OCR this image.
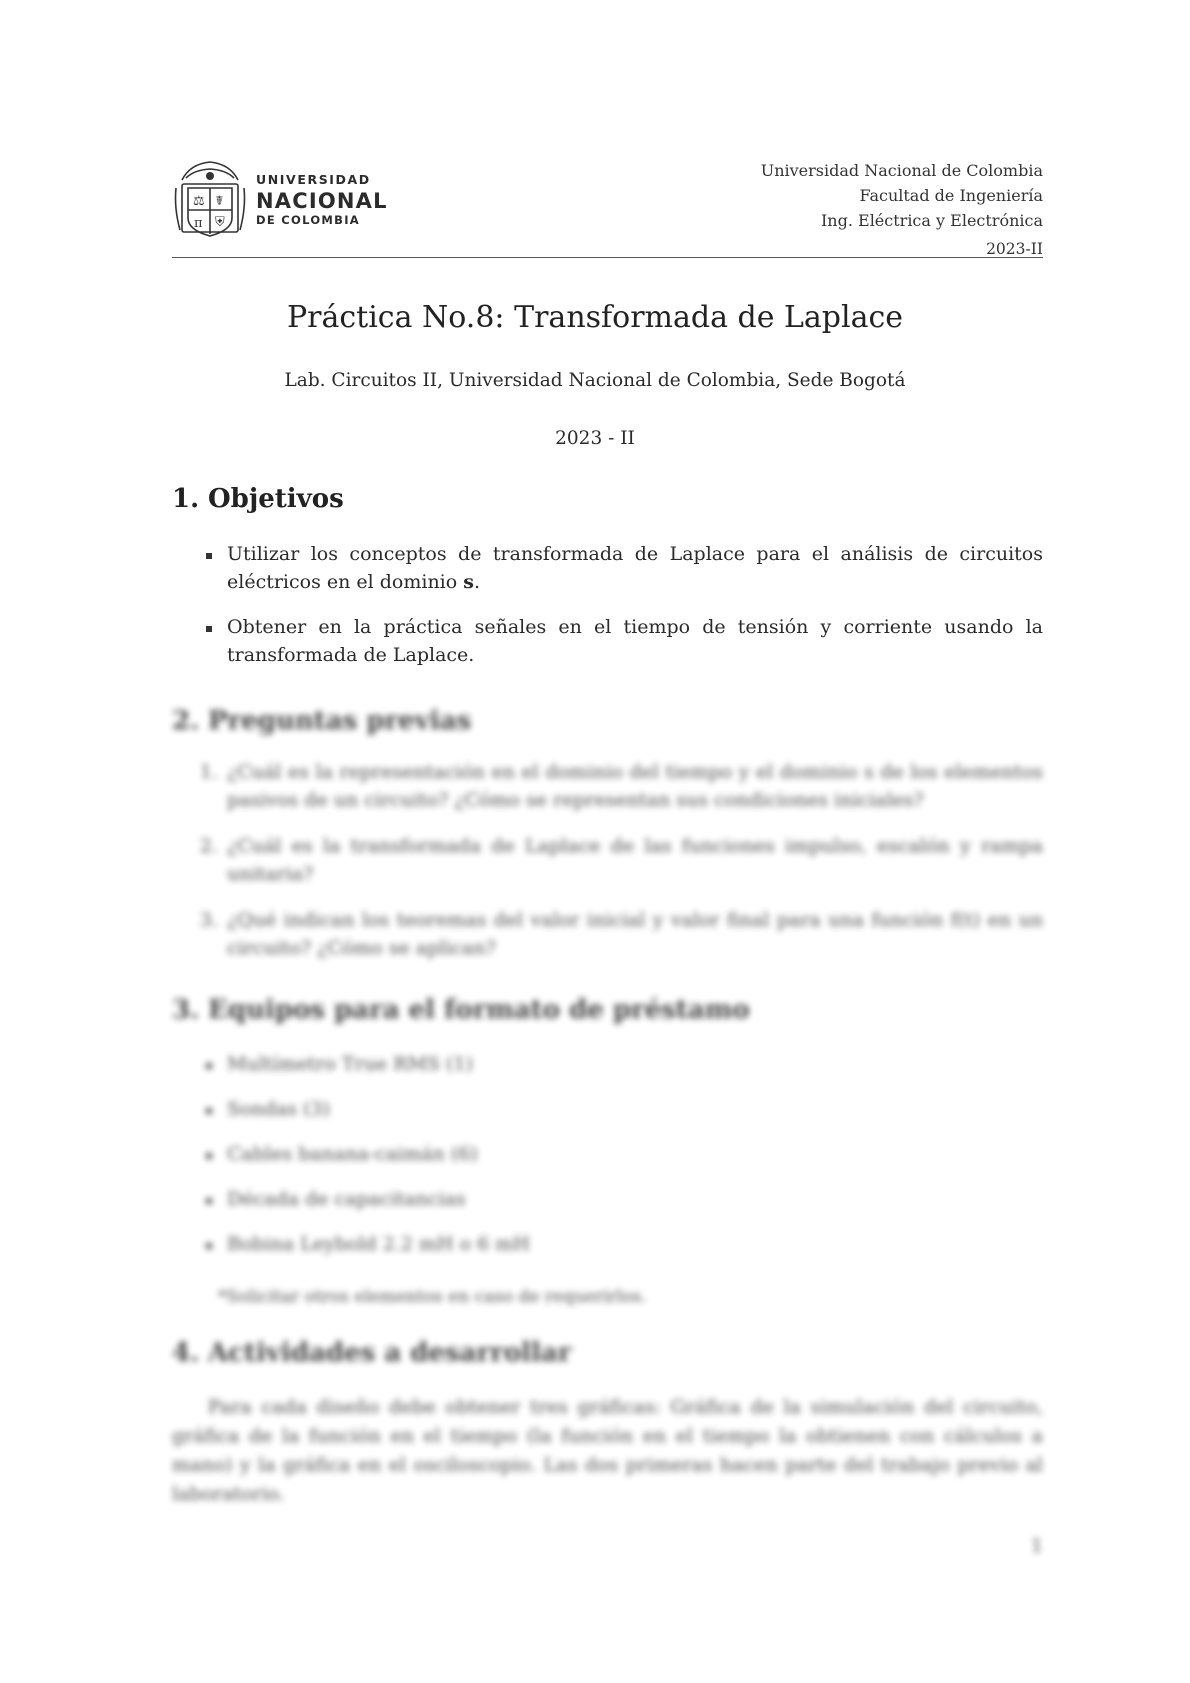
⚖ ☤
π ⛨
UNIVERSIDAD
NACIONAL
DE COLOMBIA
Universidad Nacional de Colombia
Facultad de Ingeniería
Ing. Eléctrica y Electrónica
2023-II
Práctica No.8: Transformada de Laplace
Lab. Circuitos II, Universidad Nacional de Colombia, Sede Bogotá
2023 - II
1. Objetivos
Utilizar los conceptos de transformada de Laplace para el análisis de circuitos eléctricos en el dominio s.
Obtener en la práctica señales en el tiempo de tensión y corriente usando la transformada de Laplace.
2. Preguntas previas
1. ¿Cuál es la representación en el dominio del tiempo y el dominio s de los elementos pasivos de un circuito? ¿Cómo se representan sus condiciones iniciales?
2. ¿Cuál es la transformada de Laplace de las funciones impulso, escalón y rampa unitaria?
3. ¿Qué indican los teoremas del valor inicial y valor final para una función f(t) en un circuito? ¿Cómo se aplican?
3. Equipos para el formato de préstamo
Multímetro True RMS (1)
Sondas (3)
Cables banana-caimán (6)
Década de capacitancias
Bobina Leybold 2.2 mH o 6 mH
*Solicitar otros elementos en caso de requerirlos.
4. Actividades a desarrollar
Para cada diseño debe obtener tres gráficas: Gráfica de la simulación del circuito, gráfica de la función en el tiempo (la función en el tiempo la obtienen con cálculos a mano) y la gráfica en el osciloscopio. Las dos primeras hacen parte del trabajo previo al laboratorio.
1
